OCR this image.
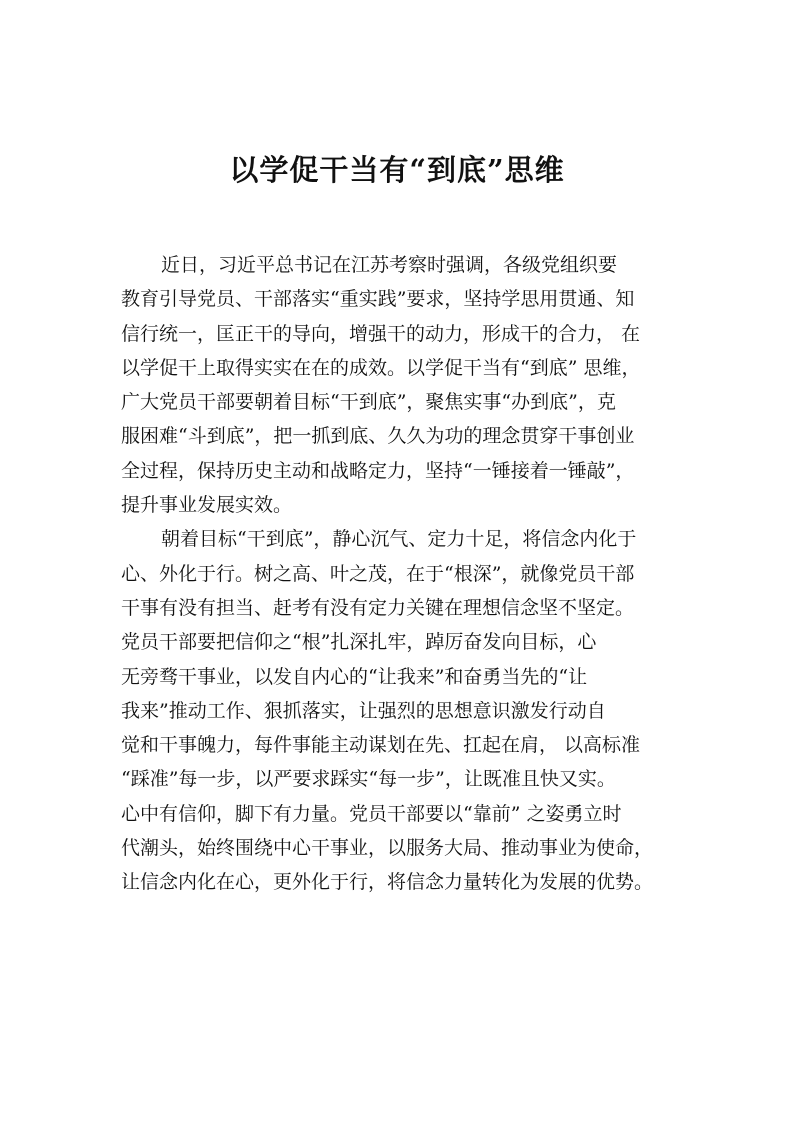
以学促干当有“到底”思维
近日，习近平总书记在江苏考察时强调，各级党组织要
教育引导党员、干部落实“重实践”要求，坚持学思用贯通、知
信行统一，匡正干的导向，增强干的动力，形成干的合力， 在
以学促干上取得实实在在的成效。以学促干当有“到底” 思维，
广大党员干部要朝着目标“干到底”，聚焦实事“办到底”，克
服困难“斗到底”，把一抓到底、久久为功的理念贯穿干事创业
全过程，保持历史主动和战略定力，坚持“一锤接着一锤敲”，
提升事业发展实效。
朝着目标“干到底”，静心沉气、定力十足，将信念内化于
心、外化于行。树之高、叶之茂，在于“根深”，就像党员干部
干事有没有担当、赶考有没有定力关键在理想信念坚不坚定。
党员干部要把信仰之“根”扎深扎牢，踔厉奋发向目标，心
无旁骛干事业，以发自内心的“让我来”和奋勇当先的“让
我来”推动工作、狠抓落实，让强烈的思想意识激发行动自
觉和干事魄力，每件事能主动谋划在先、扛起在肩， 以高标准
“踩准”每一步，以严要求踩实“每一步”，让既准且快又实。
心中有信仰，脚下有力量。党员干部要以“靠前” 之姿勇立时
代潮头，始终围绕中心干事业，以服务大局、推动事业为使命，
让信念内化在心，更外化于行，将信念力量转化为发展的优势。
